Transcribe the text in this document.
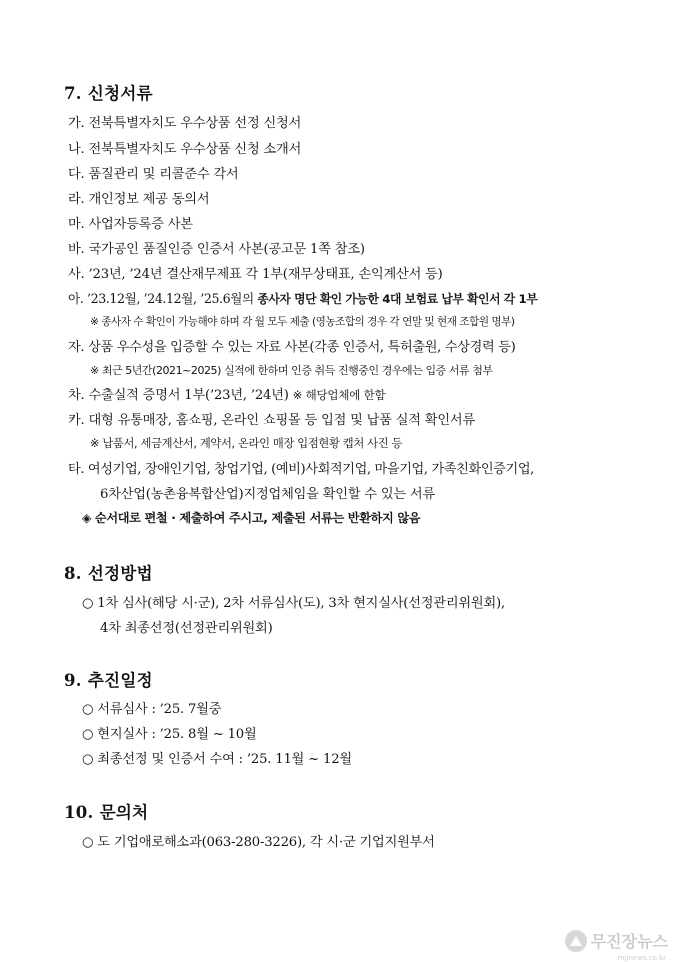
7. 신청서류
가. 전북특별자치도 우수상품 선정 신청서
나. 전북특별자치도 우수상품 신청 소개서
다. 품질관리 및 리콜준수 각서
라. 개인정보 제공 동의서
마. 사업자등록증 사본
바. 국가공인 품질인증 인증서 사본(공고문 1쪽 참조)
사. ’23년, ’24년 결산재무제표 각 1부(재무상태표, 손익계산서 등)
아. ’23.12월, ’24.12월, ’25.6월의 종사자 명단 확인 가능한 4대 보험료 납부 확인서 각 1부
※ 종사자 수 확인이 가능해야 하며 각 월 모두 제출 (영농조합의 경우 각 연말 및 현재 조합원 명부)
자. 상품 우수성을 입증할 수 있는 자료 사본(각종 인증서, 특허출원, 수상경력 등)
※ 최근 5년간(2021~2025) 실적에 한하며 인증 취득 진행중인 경우에는 입증 서류 첨부
차. 수출실적 증명서 1부(’23년, ’24년) ※ 해당업체에 한함
카. 대형 유통매장, 홈쇼핑, 온라인 쇼핑몰 등 입점 및 납품 실적 확인서류
※ 납품서, 세금계산서, 계약서, 온라인 매장 입점현황 캡처 사진 등
타. 여성기업, 장애인기업, 창업기업, (예비)사회적기업, 마을기업, 가족친화인증기업,
6차산업(농촌융복합산업)지정업체임을 확인할 수 있는 서류
◈ 순서대로 편철 · 제출하여 주시고, 제출된 서류는 반환하지 않음
8. 선정방법
○ 1차 심사(해당 시·군), 2차 서류심사(도), 3차 현지실사(선정관리위원회),
4차 최종선정(선정관리위원회)
9. 추진일정
○ 서류심사 : ’25. 7월중
○ 현지실사 : ’25. 8월 ~ 10월
○ 최종선정 및 인증서 수여 : ’25. 11월 ~ 12월
10. 문의처
○ 도 기업애로해소과(063-280-3226), 각 시·군 기업지원부서
무진장뉴스
mjjnews.co.kr
